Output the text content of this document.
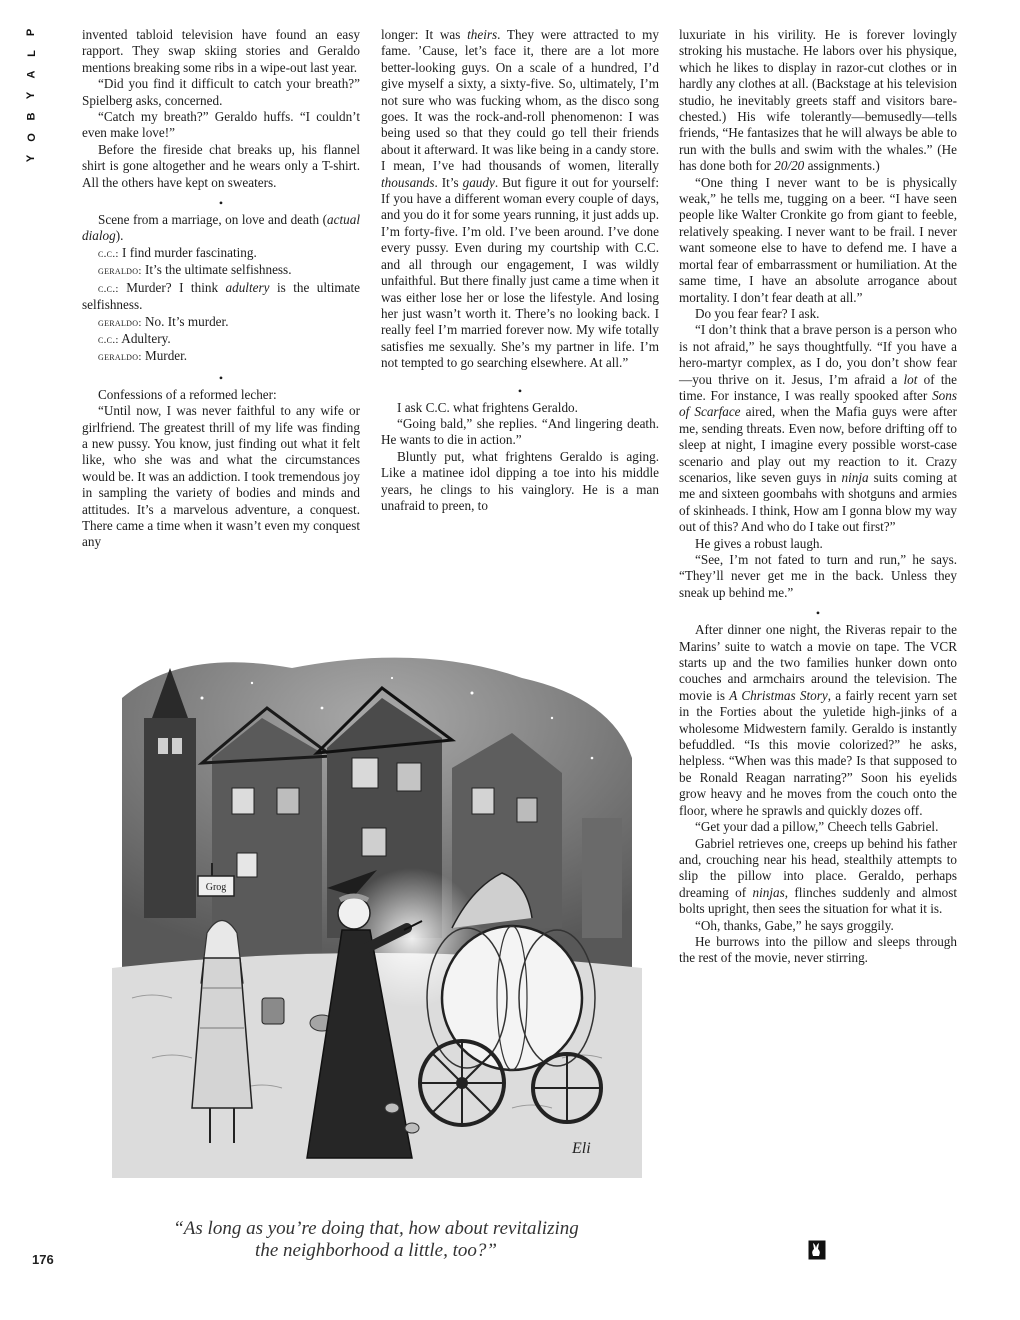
P
L
A
Y
B
O
Y

invented tabloid television have found an easy rapport. They swap skiing stories and Geraldo mentions breaking some ribs in a wipe-out last year.

“Did you find it difficult to catch your breath?” Spielberg asks, concerned.

“Catch my breath?” Geraldo huffs. “I couldn’t even make love!”

Before the fireside chat breaks up, his flannel shirt is gone altogether and he wears only a T-shirt. All the others have kept on sweaters.

•

Scene from a marriage, on love and death (actual dialog).

c.c.: I find murder fascinating.

geraldo: It’s the ultimate selfishness.

c.c.: Murder? I think adultery is the ultimate selfishness.

geraldo: No. It’s murder.

c.c.: Adultery.

geraldo: Murder.

•

Confessions of a reformed lecher:

“Until now, I was never faithful to any wife or girlfriend. The greatest thrill of my life was finding a new pussy. You know, just finding out what it felt like, who she was and what the circumstances would be. It was an addiction. I took tremendous joy in sampling the variety of bodies and minds and attitudes. It’s a marvelous adventure, a conquest. There came a time when it wasn’t even my conquest any

longer: It was theirs. They were attracted to my fame. ’Cause, let’s face it, there are a lot more better-looking guys. On a scale of a hundred, I’d give myself a sixty, a sixty-five. So, ultimately, I’m not sure who was fucking whom, as the disco song goes. It was the rock-and-roll phenomenon: I was being used so that they could go tell their friends about it afterward. It was like being in a candy store. I mean, I’ve had thousands of women, literally thousands. It’s gaudy. But figure it out for yourself: If you have a different woman every couple of days, and you do it for some years running, it just adds up. I’m forty-five. I’m old. I’ve been around. I’ve done every pussy. Even during my courtship with C.C. and all through our engagement, I was wildly unfaithful. But there finally just came a time when it was either lose her or lose the lifestyle. And losing her just wasn’t worth it. There’s no looking back. I really feel I’m married forever now. My wife totally satisfies me sexually. She’s my partner in life. I’m not tempted to go searching elsewhere. At all.”

•

I ask C.C. what frightens Geraldo.

“Going bald,” she replies. “And lingering death. He wants to die in action.”

Bluntly put, what frightens Geraldo is aging. Like a matinee idol dipping a toe into his middle years, he clings to his vainglory. He is a man unafraid to preen, to

luxuriate in his virility. He is forever lovingly stroking his mustache. He labors over his physique, which he likes to display in razor-cut clothes or in hardly any clothes at all. (Backstage at his television studio, he inevitably greets staff and visitors bare-chested.) His wife tolerantly—bemusedly—tells friends, “He fantasizes that he will always be able to run with the bulls and swim with the whales.” (He has done both for 20/20 assignments.)

“One thing I never want to be is physically weak,” he tells me, tugging on a beer. “I have seen people like Walter Cronkite go from giant to feeble, relatively speaking. I never want to be frail. I never want someone else to have to defend me. I have a mortal fear of embarrassment or humiliation. At the same time, I have an absolute arrogance about mortality. I don’t fear death at all.”

Do you fear fear? I ask.

“I don’t think that a brave person is a person who is not afraid,” he says thoughtfully. “If you have a hero-martyr complex, as I do, you don’t show fear—you thrive on it. Jesus, I’m afraid a lot of the time. For instance, I was really spooked after Sons of Scarface aired, when the Mafia guys were after me, sending threats. Even now, before drifting off to sleep at night, I imagine every possible worst-case scenario and play out my reaction to it. Crazy scenarios, like seven guys in ninja suits coming at me and sixteen goombahs with shotguns and armies of skinheads. I think, How am I gonna blow my way out of this? And who do I take out first?”

He gives a robust laugh.

“See, I’m not fated to turn and run,” he says. “They’ll never get me in the back. Unless they sneak up behind me.”

•

After dinner one night, the Riveras repair to the Marins’ suite to watch a movie on tape. The VCR starts up and the two families hunker down onto couches and armchairs around the television. The movie is A Christmas Story, a fairly recent yarn set in the Forties about the yuletide high-jinks of a wholesome Midwestern family. Geraldo is instantly befuddled. “Is this movie colorized?” he asks, helpless. “When was this made? Is that supposed to be Ronald Reagan narrating?” Soon his eyelids grow heavy and he moves from the couch onto the floor, where he sprawls and quickly dozes off.

“Get your dad a pillow,” Cheech tells Gabriel.

Gabriel retrieves one, creeps up behind his father and, crouching near his head, stealthily attempts to slip the pillow into place. Geraldo, perhaps dreaming of ninjas, flinches suddenly and almost bolts upright, then sees the situation for what it is.

“Oh, thanks, Gabe,” he says groggily.

He burrows into the pillow and sleeps through the rest of the movie, never stirring.

Grog
Eli
“As long as you’re doing that, how about revitalizing
the neighborhood a little, too?”
176
